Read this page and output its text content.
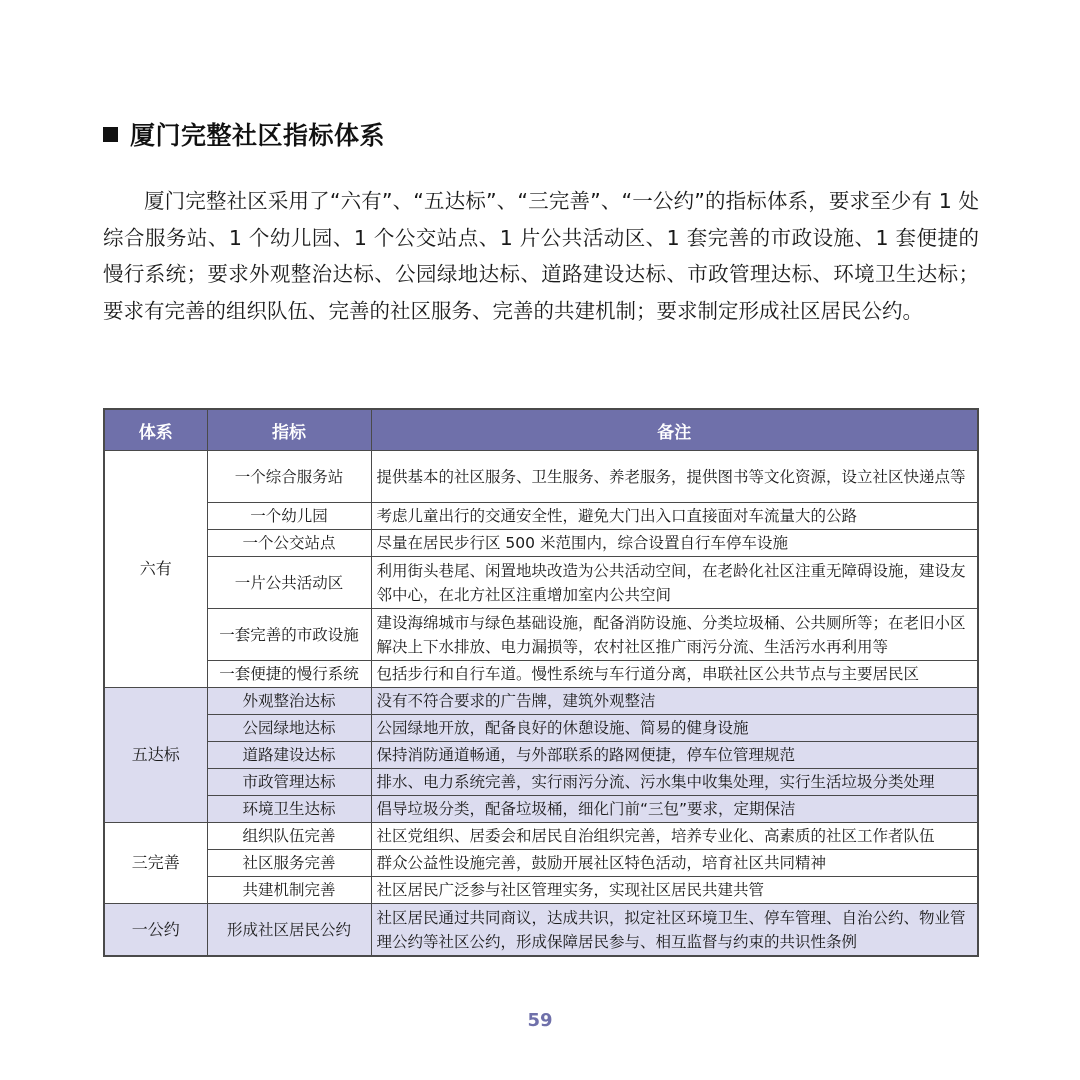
厦门完整社区指标体系

厦门完整社区采用了“六有”、“五达标”、“三完善”、“一公约”的指标体系，要求至少有 1 处综合服务站、1 个幼儿园、1 个公交站点、1 片公共活动区、1 套完善的市政设施、1 套便捷的慢行系统；要求外观整治达标、公园绿地达标、道路建设达标、市政管理达标、环境卫生达标；要求有完善的组织队伍、完善的社区服务、完善的共建机制；要求制定形成社区居民公约。

体系	指标	备注
六有	一个综合服务站	提供基本的社区服务、卫生服务、养老服务，提供图书等文化资源，设立社区快递点等
	一个幼儿园	考虑儿童出行的交通安全性，避免大门出入口直接面对车流量大的公路
	一个公交站点	尽量在居民步行区 500 米范围内，综合设置自行车停车设施
	一片公共活动区	利用街头巷尾、闲置地块改造为公共活动空间，在老龄化社区注重无障碍设施，建设友邻中心，在北方社区注重增加室内公共空间
	一套完善的市政设施	建设海绵城市与绿色基础设施，配备消防设施、分类垃圾桶、公共厕所等；在老旧小区解决上下水排放、电力漏损等，农村社区推广雨污分流、生活污水再利用等
	一套便捷的慢行系统	包括步行和自行车道。慢性系统与车行道分离，串联社区公共节点与主要居民区
五达标	外观整治达标	没有不符合要求的广告牌，建筑外观整洁
	公园绿地达标	公园绿地开放，配备良好的休憩设施、简易的健身设施
	道路建设达标	保持消防通道畅通，与外部联系的路网便捷，停车位管理规范
	市政管理达标	排水、电力系统完善，实行雨污分流、污水集中收集处理，实行生活垃圾分类处理
	环境卫生达标	倡导垃圾分类，配备垃圾桶，细化门前“三包”要求，定期保洁
三完善	组织队伍完善	社区党组织、居委会和居民自治组织完善，培养专业化、高素质的社区工作者队伍
	社区服务完善	群众公益性设施完善，鼓励开展社区特色活动，培育社区共同精神
	共建机制完善	社区居民广泛参与社区管理实务，实现社区居民共建共管
一公约	形成社区居民公约	社区居民通过共同商议，达成共识，拟定社区环境卫生、停车管理、自治公约、物业管理公约等社区公约，形成保障居民参与、相互监督与约束的共识性条例
59
